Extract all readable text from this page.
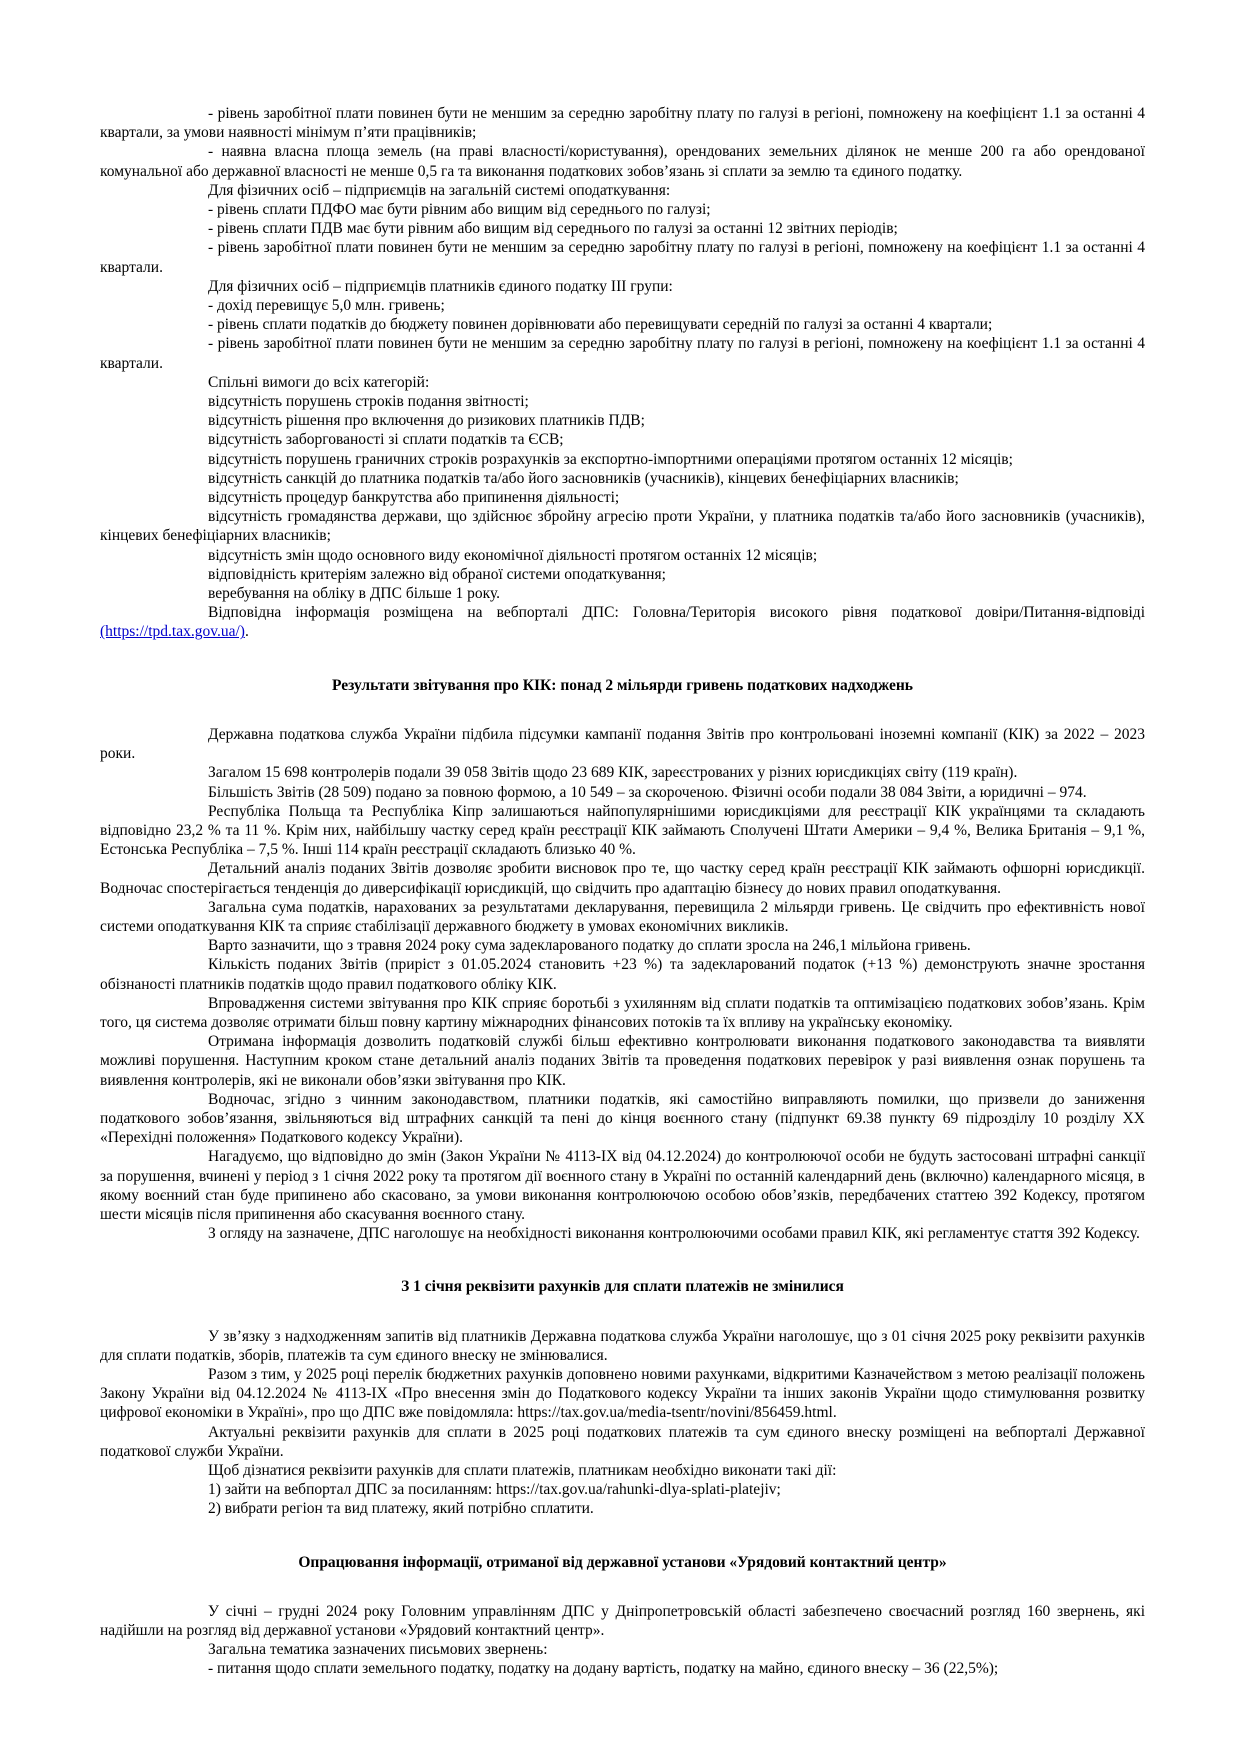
- рівень заробітної плати повинен бути не меншим за середню заробітну плату по галузі в регіоні, помножену на коефіцієнт 1.1 за останні 4 квартали, за умови наявності мінімум п’яти працівників;

- наявна власна площа земель (на праві власності/користування), орендованих земельних ділянок не менше 200 га або орендованої комунальної або державної власності не менше 0,5 га та виконання податкових зобов’язань зі сплати за землю та єдиного податку.

Для фізичних осіб – підприємців на загальній системі оподаткування:

- рівень сплати ПДФО має бути рівним або вищим від середнього по галузі;

- рівень сплати ПДВ має бути рівним або вищим від середнього по галузі за останні 12 звітних періодів;

- рівень заробітної плати повинен бути не меншим за середню заробітну плату по галузі в регіоні, помножену на коефіцієнт 1.1 за останні 4 квартали.

Для фізичних осіб – підприємців платників єдиного податку ІІІ групи:

- дохід перевищує 5,0 млн. гривень;

- рівень сплати податків до бюджету повинен дорівнювати або перевищувати середній по галузі за останні 4 квартали;

- рівень заробітної плати повинен бути не меншим за середню заробітну плату по галузі в регіоні, помножену на коефіцієнт 1.1 за останні 4 квартали.

Спільні вимоги до всіх категорій:

відсутність порушень строків подання звітності;

відсутність рішення про включення до ризикових платників ПДВ;

відсутність заборгованості зі сплати податків та ЄСВ;

відсутність порушень граничних строків розрахунків за експортно-імпортними операціями протягом останніх 12 місяців;

відсутність санкцій до платника податків та/або його засновників (учасників), кінцевих бенефіціарних власників;

відсутність процедур банкрутства або припинення діяльності;

відсутність громадянства держави, що здійснює збройну агресію проти України, у платника податків та/або його засновників (учасників), кінцевих бенефіціарних власників;

відсутність змін щодо основного виду економічної діяльності протягом останніх 12 місяців;

відповідність критеріям залежно від обраної системи оподаткування;

веребування на обліку в ДПС більше 1 року.

Відповідна інформація розміщена на вебпорталі ДПС: Головна/Територія високого рівня податкової довіри/Питання-відповіді (https://tpd.tax.gov.ua/).

Результати звітування про КІК: понад 2 мільярди гривень податкових надходжень

Державна податкова служба України підбила підсумки кампанії подання Звітів про контрольовані іноземні компанії (КІК) за 2022 – 2023 роки.

Загалом 15 698 контролерів подали 39 058 Звітів щодо 23 689 КІК, зареєстрованих у різних юрисдикціях світу (119 країн).

Більшість Звітів (28 509) подано за повною формою, а 10 549 – за скороченою. Фізичні особи подали 38 084 Звіти, а юридичні – 974.

Республіка Польща та Республіка Кіпр залишаються найпопулярнішими юрисдикціями для реєстрації КІК українцями та складають відповідно 23,2 % та 11 %. Крім них, найбільшу частку серед країн реєстрації КІК займають Сполучені Штати Америки – 9,4 %, Велика Британія – 9,1 %, Естонська Республіка – 7,5 %. Інші 114 країн реєстрації складають близько 40 %.

Детальний аналіз поданих Звітів дозволяє зробити висновок про те, що частку серед країн реєстрації КІК займають офшорні юрисдикції. Водночас спостерігається тенденція до диверсифікації юрисдикцій, що свідчить про адаптацію бізнесу до нових правил оподаткування.

Загальна сума податків, нарахованих за результатами декларування, перевищила 2 мільярди гривень. Це свідчить про ефективність нової системи оподаткування КІК та сприяє стабілізації державного бюджету в умовах економічних викликів.

Варто зазначити, що з травня 2024 року сума задекларованого податку до сплати зросла на 246,1 мільйона гривень.

Кількість поданих Звітів (приріст з 01.05.2024 становить +23 %) та задекларований податок (+13 %) демонструють значне зростання обізнаності платників податків щодо правил податкового обліку КІК.

Впровадження системи звітування про КІК сприяє боротьбі з ухилянням від сплати податків та оптимізацією податкових зобов’язань. Крім того, ця система дозволяє отримати більш повну картину міжнародних фінансових потоків та їх впливу на українську економіку.

Отримана інформація дозволить податковій службі більш ефективно контролювати виконання податкового законодавства та виявляти можливі порушення. Наступним кроком стане детальний аналіз поданих Звітів та проведення податкових перевірок у разі виявлення ознак порушень та виявлення контролерів, які не виконали обов’язки звітування про КІК.

Водночас, згідно з чинним законодавством, платники податків, які самостійно виправляють помилки, що призвели до заниження податкового зобов’язання, звільняються від штрафних санкцій та пені до кінця воєнного стану (підпункт 69.38 пункту 69 підрозділу 10 розділу ХХ «Перехідні положення» Податкового кодексу України).

Нагадуємо, що відповідно до змін (Закон України № 4113-ІХ від 04.12.2024) до контролюючої особи не будуть застосовані штрафні санкції за порушення, вчинені у період з 1 січня 2022 року та протягом дії воєнного стану в Україні по останній календарний день (включно) календарного місяця, в якому воєнний стан буде припинено або скасовано, за умови виконання контролюючою особою обов’язків, передбачених статтею 392 Кодексу, протягом шести місяців після припинення або скасування воєнного стану.

З огляду на зазначене, ДПС наголошує на необхідності виконання контролюючими особами правил КІК, які регламентує стаття 392 Кодексу.

З 1 січня реквізити рахунків для сплати платежів не змінилися

У зв’язку з надходженням запитів від платників Державна податкова служба України наголошує, що з 01 січня 2025 року реквізити рахунків для сплати податків, зборів, платежів та сум єдиного внеску не змінювалися.

Разом з тим, у 2025 році перелік бюджетних рахунків доповнено новими рахунками, відкритими Казначейством з метою реалізації положень Закону України від 04.12.2024 № 4113-ІХ «Про внесення змін до Податкового кодексу України та інших законів України щодо стимулювання розвитку цифрової економіки в Україні», про що ДПС вже повідомляла: https://tax.gov.ua/media-tsentr/novini/856459.html.

Актуальні реквізити рахунків для сплати в 2025 році податкових платежів та сум єдиного внеску розміщені на вебпорталі Державної податкової служби України.

Щоб дізнатися реквізити рахунків для сплати платежів, платникам необхідно виконати такі дії:

1) зайти на вебпортал ДПС за посиланням: https://tax.gov.ua/rahunki-dlya-splati-platejiv;

2) вибрати регіон та вид платежу, який потрібно сплатити.

Опрацювання інформації, отриманої від державної установи «Урядовий контактний центр»

У січні – грудні 2024 року Головним управлінням ДПС у Дніпропетровській області забезпечено своєчасний розгляд 160 звернень, які надійшли на розгляд від державної установи «Урядовий контактний центр».

Загальна тематика зазначених письмових звернень:

- питання щодо сплати земельного податку, податку на додану вартість, податку на майно, єдиного внеску – 36 (22,5%);
